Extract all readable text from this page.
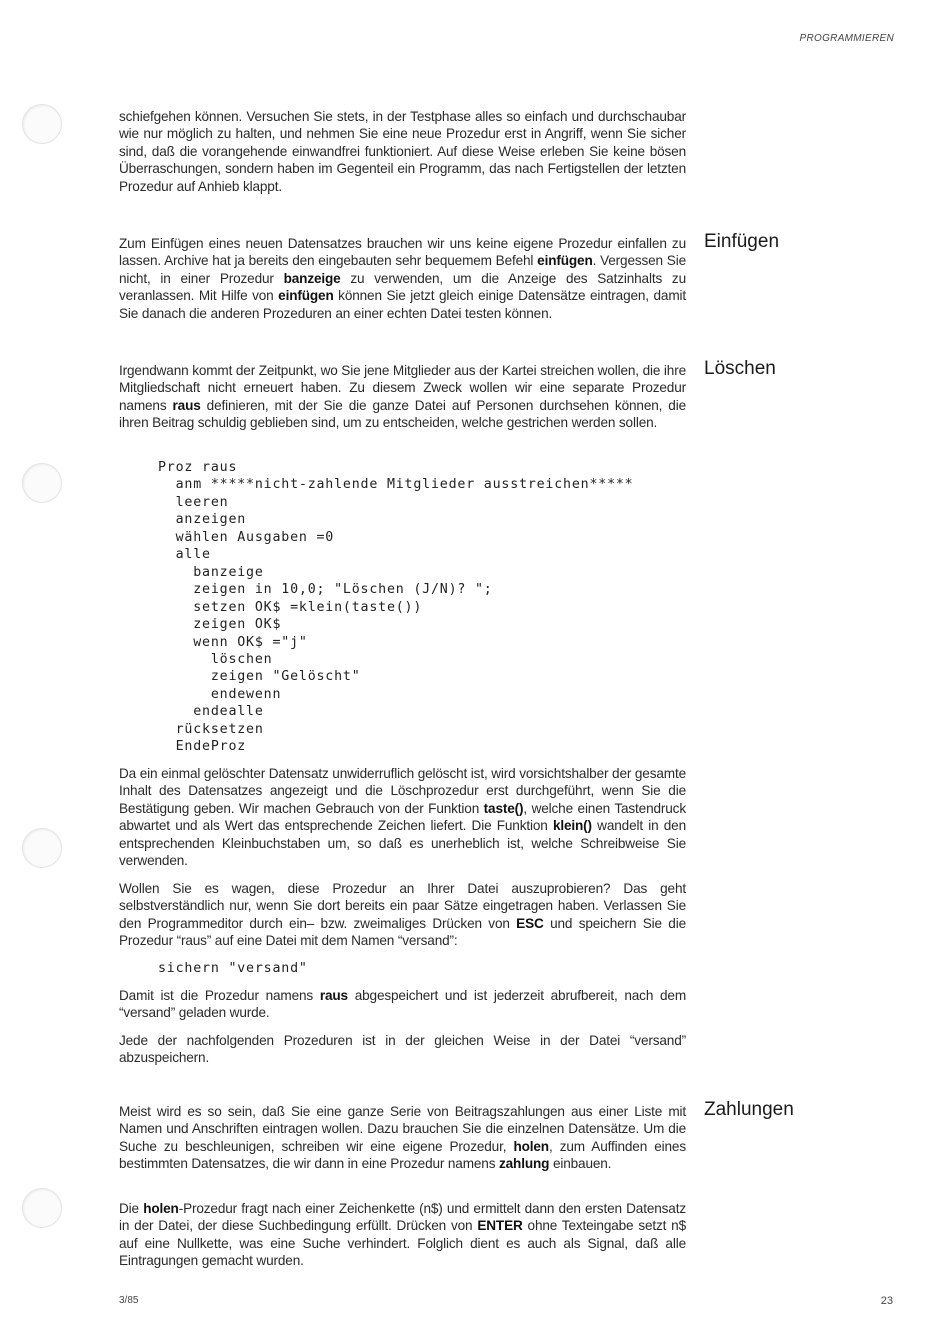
PROGRAMMIEREN

schiefgehen können. Versuchen Sie stets, in der Testphase alles so einfach und durchschaubar wie nur möglich zu halten, und nehmen Sie eine neue Prozedur erst in Angriff, wenn Sie sicher sind, daß die vorangehende einwandfrei funktioniert. Auf diese Weise erleben Sie keine bösen Überraschungen, sondern haben im Gegenteil ein Programm, das nach Fertigstellen der letzten Prozedur auf Anhieb klappt.

Einfügen

Zum Einfügen eines neuen Datensatzes brauchen wir uns keine eigene Prozedur einfallen zu lassen. Archive hat ja bereits den eingebauten sehr bequemem Befehl einfügen. Vergessen Sie nicht, in einer Prozedur banzeige zu verwenden, um die Anzeige des Satzinhalts zu veranlassen. Mit Hilfe von einfügen können Sie jetzt gleich einige Datensätze eintragen, damit Sie danach die anderen Prozeduren an einer echten Datei testen können.

Löschen

Irgendwann kommt der Zeitpunkt, wo Sie jene Mitglieder aus der Kartei streichen wollen, die ihre Mitgliedschaft nicht erneuert haben. Zu diesem Zweck wollen wir eine separate Prozedur namens raus definieren, mit der Sie die ganze Datei auf Personen durchsehen können, die ihren Beitrag schuldig geblieben sind, um zu entscheiden, welche gestrichen werden sollen.

Proz raus
anm *****nicht-zahlende Mitglieder ausstreichen*****
leeren
anzeigen
wählen Ausgaben =0
alle
banzeige
zeigen in 10,0; "Löschen (J/N)? ";
setzen OK$ =klein(taste())
zeigen OK$
wenn OK$ ="j"
löschen
zeigen "Gelöscht"
endewenn
endealle
rücksetzen
EndeProz

Da ein einmal gelöschter Datensatz unwiderruflich gelöscht ist, wird vorsichtshalber der gesamte Inhalt des Datensatzes angezeigt und die Löschprozedur erst durchgeführt, wenn Sie die Bestätigung geben. Wir machen Gebrauch von der Funktion taste(), welche einen Tastendruck abwartet und als Wert das entsprechende Zeichen liefert. Die Funktion klein() wandelt in den entsprechenden Kleinbuchstaben um, so daß es unerheblich ist, welche Schreibweise Sie verwenden.

Wollen Sie es wagen, diese Prozedur an Ihrer Datei auszuprobieren? Das geht selbstverständlich nur, wenn Sie dort bereits ein paar Sätze eingetragen haben. Verlassen Sie den Programmeditor durch ein– bzw. zweimaliges Drücken von ESC und speichern Sie die Prozedur “raus” auf eine Datei mit dem Namen “versand”:

sichern "versand"

Damit ist die Prozedur namens raus abgespeichert und ist jederzeit abrufbereit, nach dem “versand” geladen wurde.

Jede der nachfolgenden Prozeduren ist in der gleichen Weise in der Datei “versand” abzuspeichern.

Zahlungen

Meist wird es so sein, daß Sie eine ganze Serie von Beitragszahlungen aus einer Liste mit Namen und Anschriften eintragen wollen. Dazu brauchen Sie die einzelnen Datensätze. Um die Suche zu beschleunigen, schreiben wir eine eigene Prozedur, holen, zum Auffinden eines bestimmten Datensatzes, die wir dann in eine Prozedur namens zahlung einbauen.

Die holen-Prozedur fragt nach einer Zeichenkette (n$) und ermittelt dann den ersten Datensatz in der Datei, der diese Suchbedingung erfüllt. Drücken von ENTER ohne Texteingabe setzt n$ auf eine Nullkette, was eine Suche verhindert. Folglich dient es auch als Signal, daß alle Eintragungen gemacht wurden.

3/85	23
